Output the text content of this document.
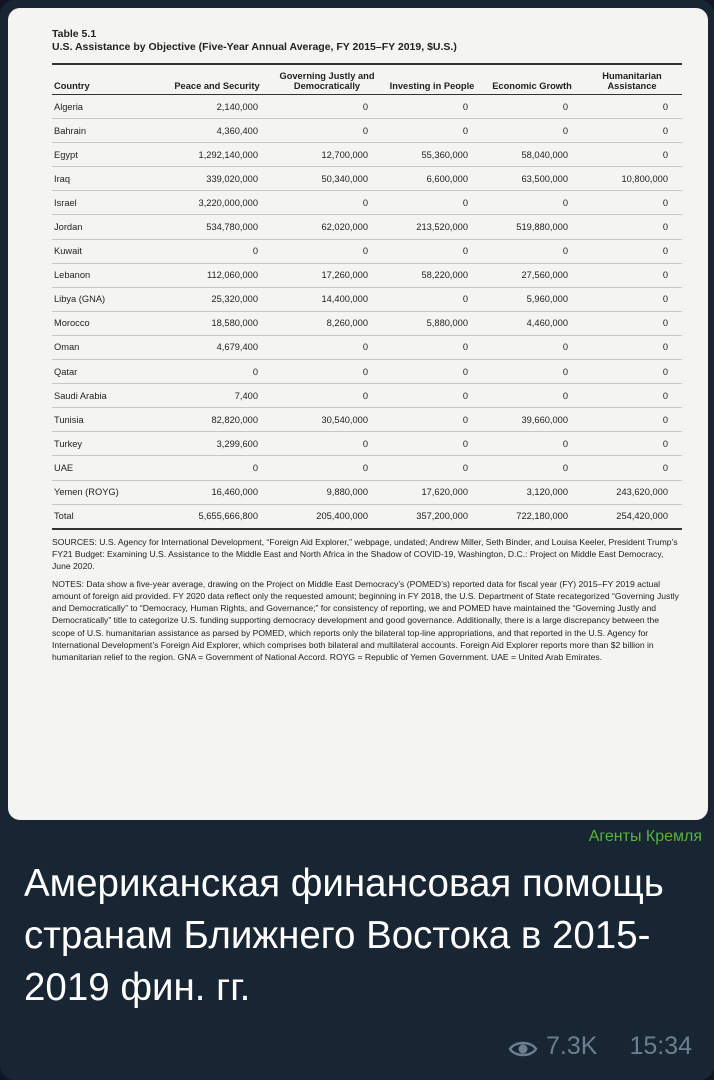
Table 5.1
U.S. Assistance by Objective (Five-Year Annual Average, FY 2015–FY 2019, $U.S.)
Country	Peace and Security	Governing Justly and Democratically	Investing in People	Economic Growth	Humanitarian Assistance
Algeria	2,140,000	0	0	0	0
Bahrain	4,360,400	0	0	0	0
Egypt	1,292,140,000	12,700,000	55,360,000	58,040,000	0
Iraq	339,020,000	50,340,000	6,600,000	63,500,000	10,800,000
Israel	3,220,000,000	0	0	0	0
Jordan	534,780,000	62,020,000	213,520,000	519,880,000	0
Kuwait	0	0	0	0	0
Lebanon	112,060,000	17,260,000	58,220,000	27,560,000	0
Libya (GNA)	25,320,000	14,400,000	0	5,960,000	0
Morocco	18,580,000	8,260,000	5,880,000	4,460,000	0
Oman	4,679,400	0	0	0	0
Qatar	0	0	0	0	0
Saudi Arabia	7,400	0	0	0	0
Tunisia	82,820,000	30,540,000	0	39,660,000	0
Turkey	3,299,600	0	0	0	0
UAE	0	0	0	0	0
Yemen (ROYG)	16,460,000	9,880,000	17,620,000	3,120,000	243,620,000
Total	5,655,666,800	205,400,000	357,200,000	722,180,000	254,420,000

SOURCES: U.S. Agency for International Development, “Foreign Aid Explorer,” webpage, undated; Andrew Miller, Seth Binder, and Louisa Keeler, President Trump’s FY21 Budget: Examining U.S. Assistance to the Middle East and North Africa in the Shadow of COVID-19, Washington, D.C.: Project on Middle East Democracy, June 2020.

NOTES: Data show a five-year average, drawing on the Project on Middle East Democracy’s (POMED’s) reported data for fiscal year (FY) 2015–FY 2019 actual amount of foreign aid provided. FY 2020 data reflect only the requested amount; beginning in FY 2018, the U.S. Department of State recategorized “Governing Justly and Democratically” to “Democracy, Human Rights, and Governance;” for consistency of reporting, we and POMED have maintained the “Governing Justly and Democratically” title to categorize U.S. funding supporting democracy development and good governance. Additionally, there is a large discrepancy between the scope of U.S. humanitarian assistance as parsed by POMED, which reports only the bilateral top-line appropriations, and that reported in the U.S. Agency for International Development’s Foreign Aid Explorer, which comprises both bilateral and multilateral accounts. Foreign Aid Explorer reports more than $2 billion in humanitarian relief to the region. GNA = Government of National Accord. ROYG = Republic of Yemen Government. UAE = United Arab Emirates.

Агенты Кремля
Американская финансовая помощь странам Ближнего Востока в 2015-2019 фин. гг.
7.3K 15:34
